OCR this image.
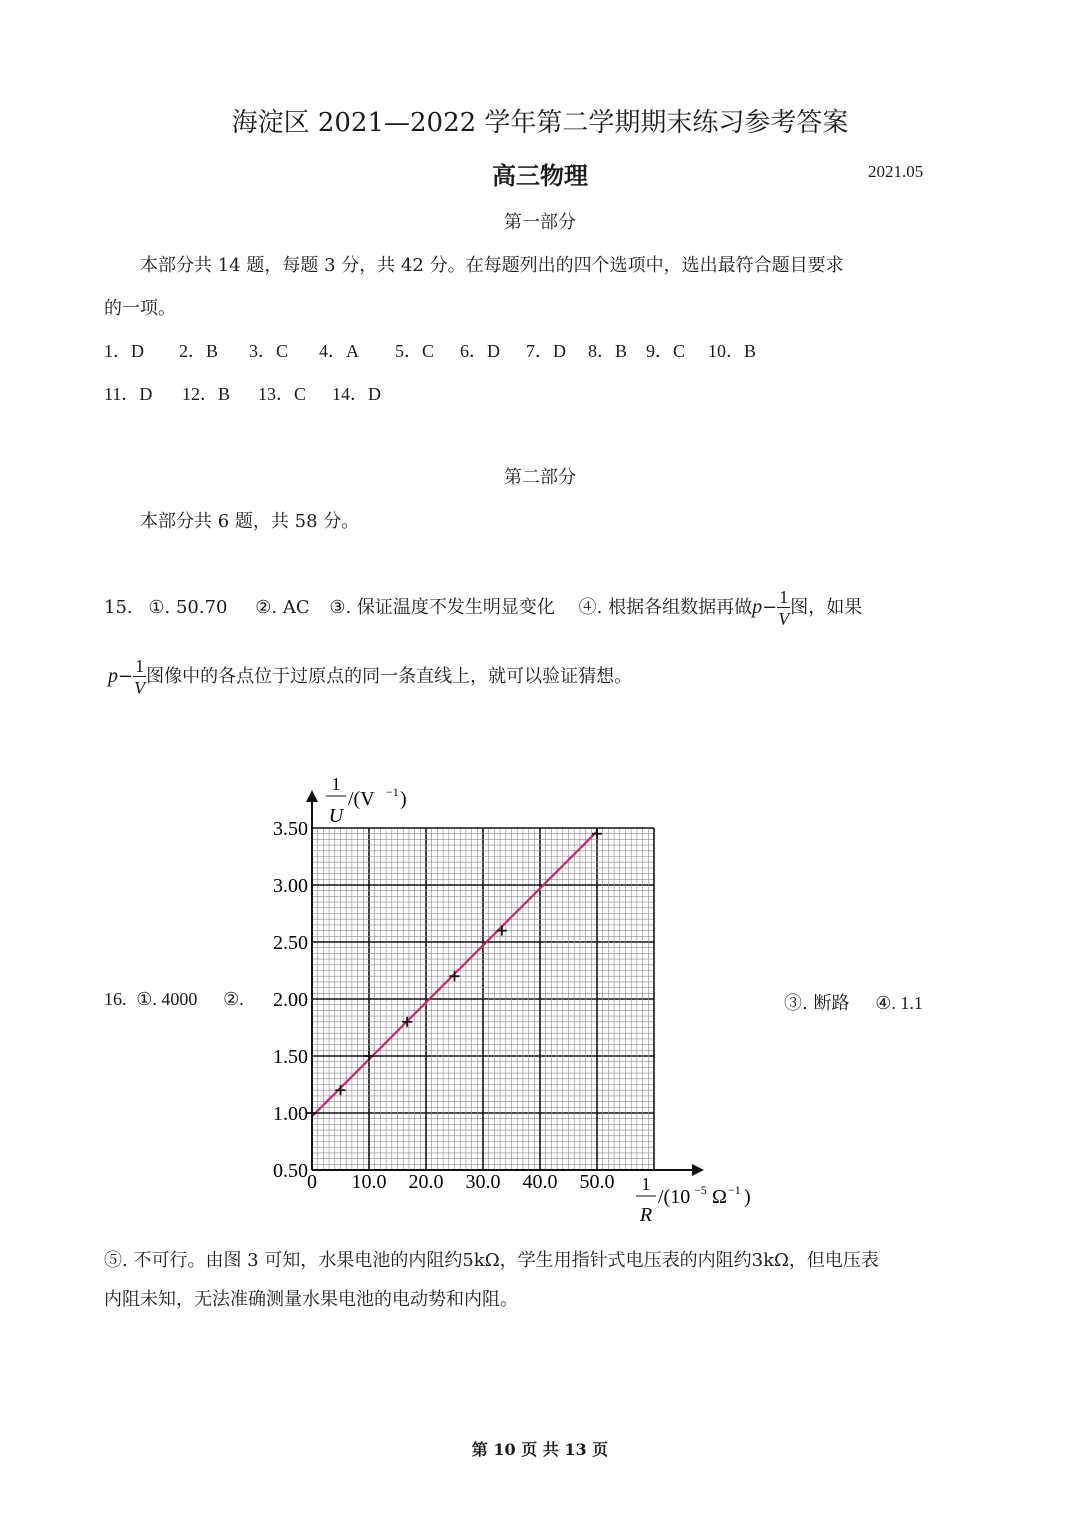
海淀区 2021—2022 学年第二学期期末练习参考答案
高三物理	2021.05
第一部分
本部分共 14 题，每题 3 分，共 42 分。在每题列出的四个选项中，选出最符合题目要求
的一项。
1．D 2．B 3．C 4．A 5．C 6．D 7．D 8．B 9．C 10．B
11．D 12．B 13．C 14．D
第二部分
本部分共 6 题，共 58 分。
15. ①. 50.70 ②. AC ③. 保证温度不发生明显变化 ④. 根据各组数据再做$p- \frac{1}{V}$ 图，如果
$p- \frac{1}{V}$ 图像中的各点位于过原点的同一条直线上，就可以验证猜想。
16. ①. 4000 ②.	③. 断路 ④. 1.1
1
U
/(V −1 )
1
R
/(10 −5 Ω −1 )
0 10.0 20.0 30.0 40.0 50.0
0.50
1.00
1.50
2.00
2.50
3.00
3.50
⑤. 不可行。由图 3 可知，水果电池的内阻约5kΩ，学生用指针式电压表的内阻约3kΩ，但电压表
内阻未知，无法准确测量水果电池的电动势和内阻。
第 10 页 共 13 页
